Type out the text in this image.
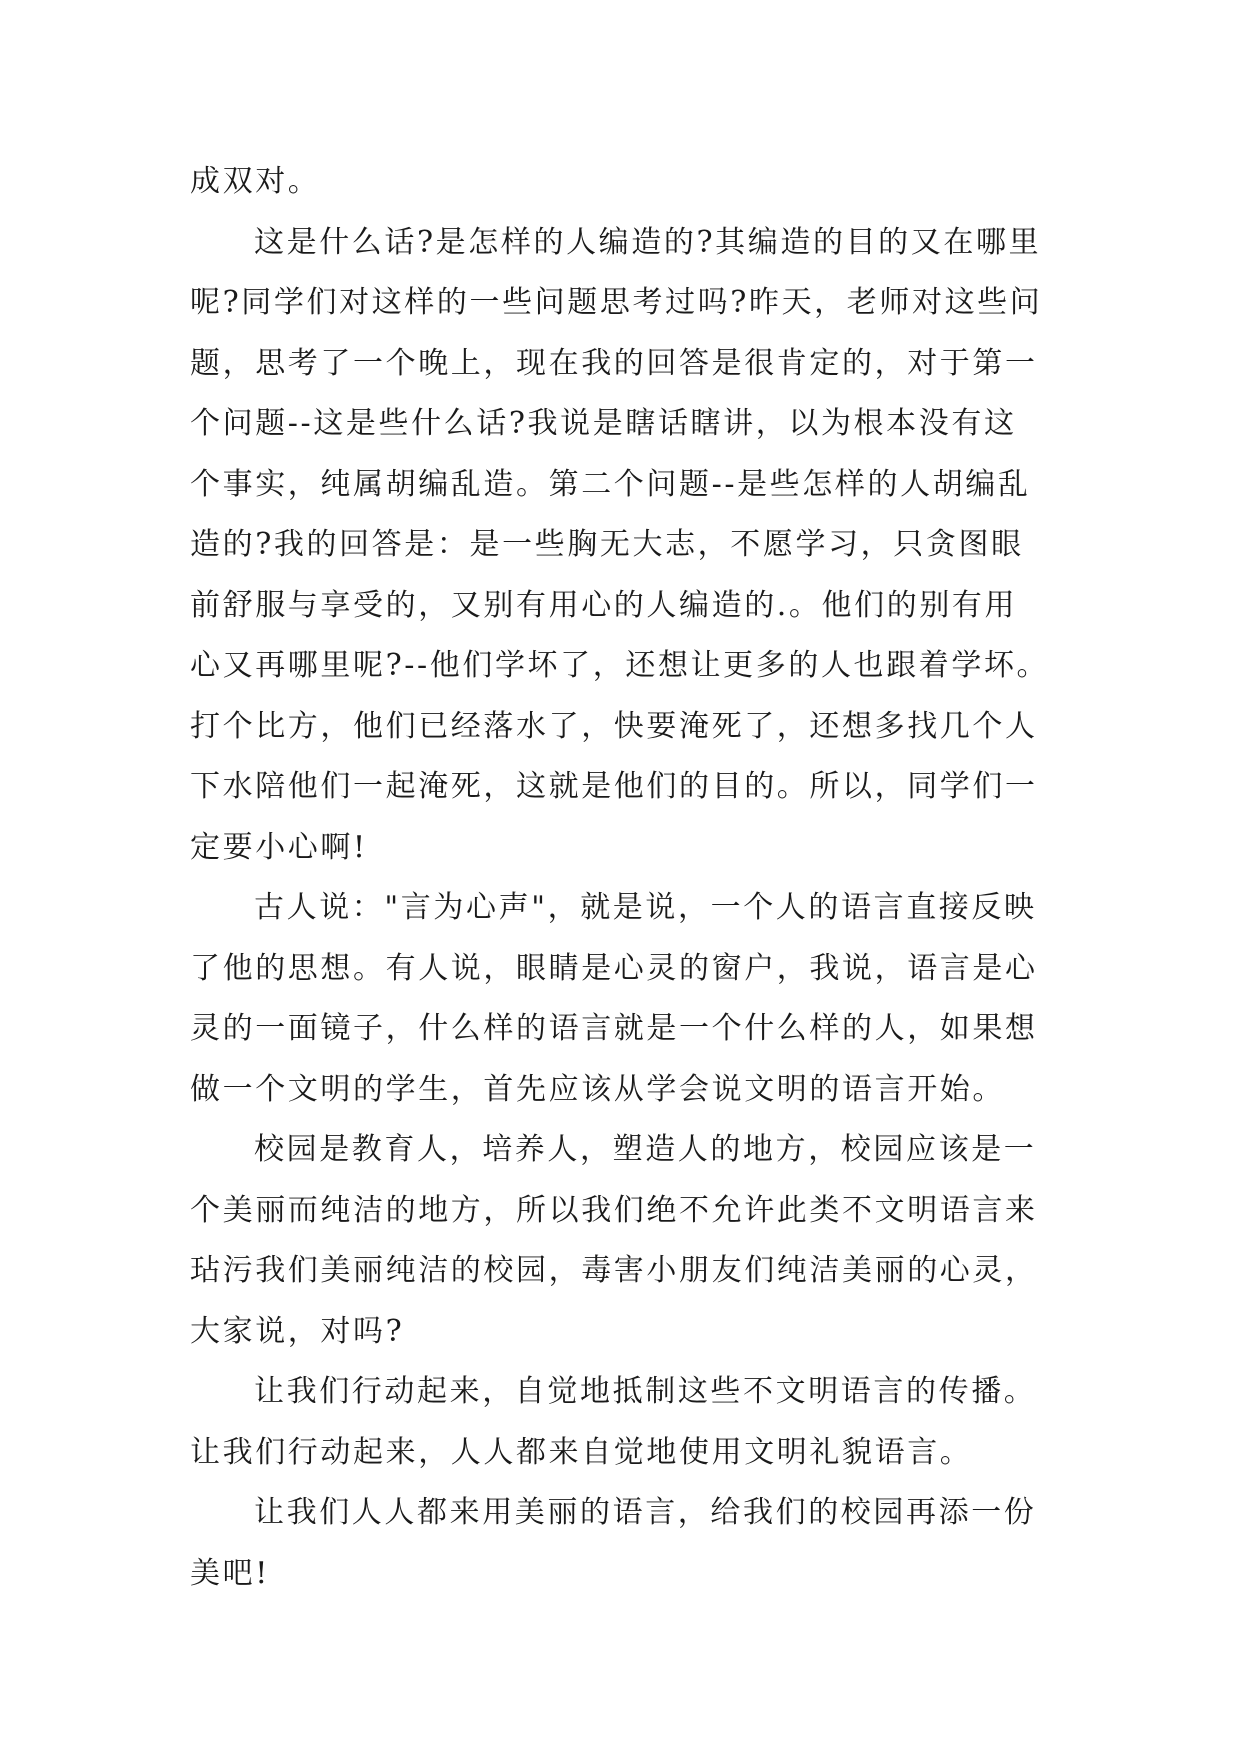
成双对。
这是什么话?是怎样的人编造的?其编造的目的又在哪里
呢?同学们对这样的一些问题思考过吗?昨天，老师对这些问
题，思考了一个晚上，现在我的回答是很肯定的，对于第一
个问题--这是些什么话?我说是瞎话瞎讲，以为根本没有这
个事实，纯属胡编乱造。第二个问题--是些怎样的人胡编乱
造的?我的回答是：是一些胸无大志，不愿学习，只贪图眼
前舒服与享受的，又别有用心的人编造的.。他们的别有用
心又再哪里呢?--他们学坏了，还想让更多的人也跟着学坏。
打个比方，他们已经落水了，快要淹死了，还想多找几个人
下水陪他们一起淹死，这就是他们的目的。所以，同学们一
定要小心啊!
古人说："言为心声"，就是说，一个人的语言直接反映
了他的思想。有人说，眼睛是心灵的窗户，我说，语言是心
灵的一面镜子，什么样的语言就是一个什么样的人，如果想
做一个文明的学生，首先应该从学会说文明的语言开始。
校园是教育人，培养人，塑造人的地方，校园应该是一
个美丽而纯洁的地方，所以我们绝不允许此类不文明语言来
玷污我们美丽纯洁的校园，毒害小朋友们纯洁美丽的心灵，
大家说，对吗?
让我们行动起来，自觉地抵制这些不文明语言的传播。
让我们行动起来，人人都来自觉地使用文明礼貌语言。
让我们人人都来用美丽的语言，给我们的校园再添一份
美吧!
